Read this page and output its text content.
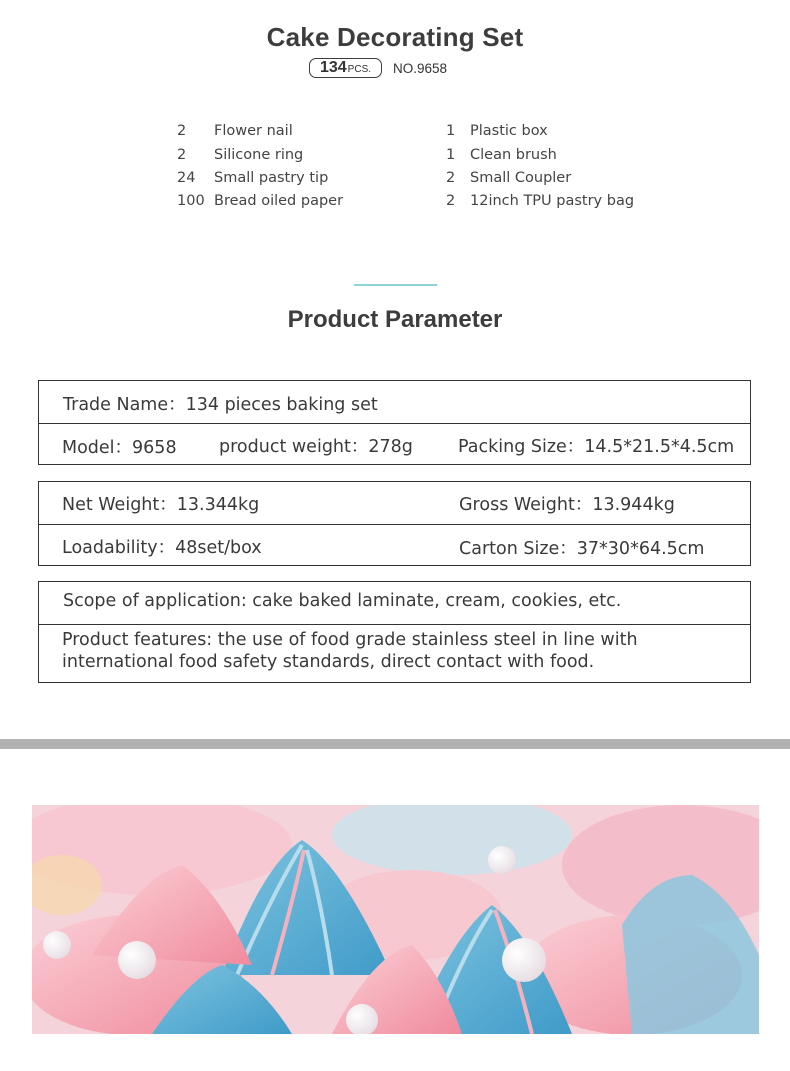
Cake Decorating Set
134 PCS. NO.9658
2 Flower nail
2 Silicone ring
24 Small pastry tip
100 Bread oiled paper
1 Plastic box
1 Clean brush
2 Small Coupler
2 12inch TPU pastry bag
Product Parameter
Trade Name：134 pieces baking set
Model：9658 product weight：278g	Packing Size：14.5*21.5*4.5cm
Net Weight：13.344kg	Gross Weight：13.944kg
Loadability：48set/box	Carton Size：37*30*64.5cm
Scope of application: cake baked laminate, cream, cookies, etc.
Product features: the use of food grade stainless steel in line with
international food safety standards, direct contact with food.
